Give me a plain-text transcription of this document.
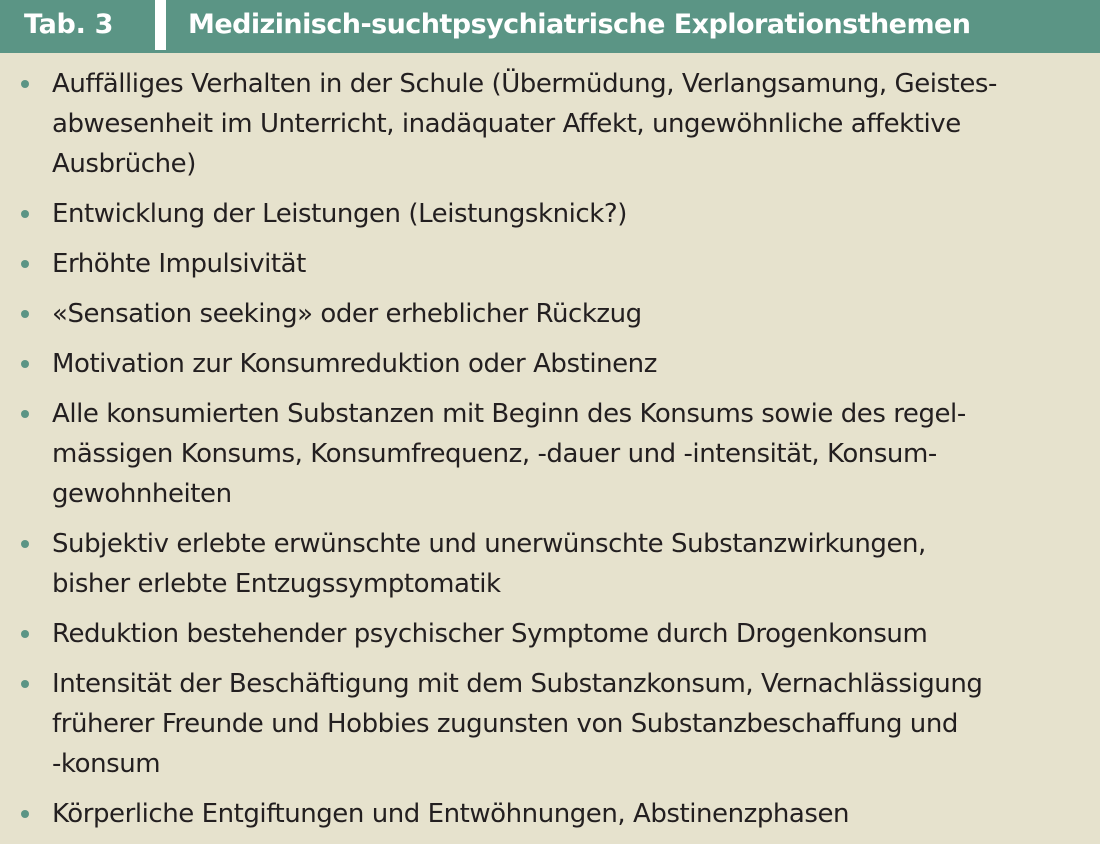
Tab. 3	Medizinisch-suchtpsychiatrische Explorationsthemen
Auffälliges Verhalten in der Schule (Übermüdung, Verlangsamung, Geistes-
abwesenheit im Unterricht, inadäquater Affekt, ungewöhnliche affektive
Ausbrüche)
Entwicklung der Leistungen (Leistungsknick?)
Erhöhte Impulsivität
«Sensation seeking» oder erheblicher Rückzug
Motivation zur Konsumreduktion oder Abstinenz
Alle konsumierten Substanzen mit Beginn des Konsums sowie des regel-
mässigen Konsums, Konsumfrequenz, -dauer und -intensität, Konsum-
gewohnheiten
Subjektiv erlebte erwünschte und unerwünschte Substanzwirkungen,
bisher erlebte Entzugssymptomatik
Reduktion bestehender psychischer Symptome durch Drogenkonsum
Intensität der Beschäftigung mit dem Substanzkonsum, Vernachlässigung
früherer Freunde und Hobbies zugunsten von Substanzbeschaffung und
-konsum
Körperliche Entgiftungen und Entwöhnungen, Abstinenzphasen
